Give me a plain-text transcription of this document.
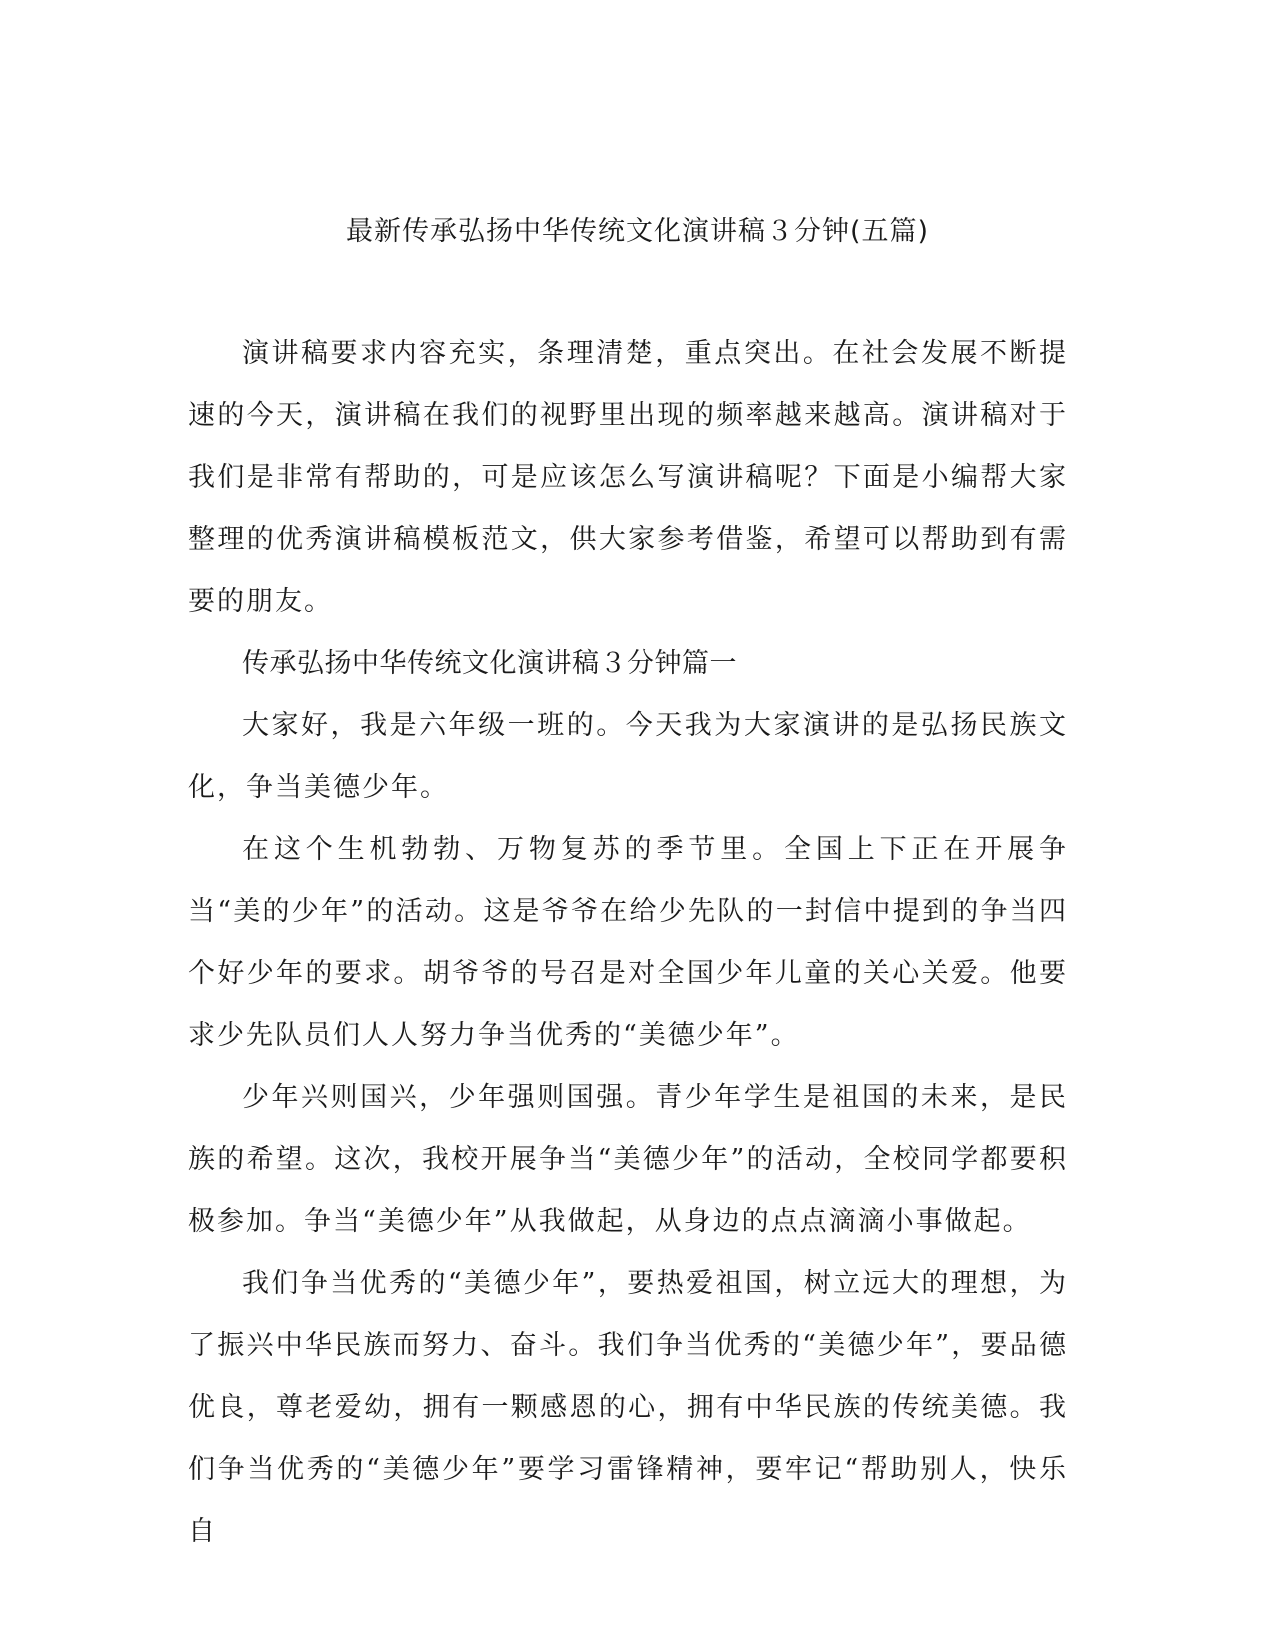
最新传承弘扬中华传统文化演讲稿３分钟(五篇)

演讲稿要求内容充实，条理清楚，重点突出。在社会发展不断提速的今天，演讲稿在我们的视野里出现的频率越来越高。演讲稿对于我们是非常有帮助的，可是应该怎么写演讲稿呢？下面是小编帮大家整理的优秀演讲稿模板范文，供大家参考借鉴，希望可以帮助到有需要的朋友。

传承弘扬中华传统文化演讲稿３分钟篇一

大家好，我是六年级一班的。今天我为大家演讲的是弘扬民族文化，争当美德少年。

在这个生机勃勃、万物复苏的季节里。全国上下正在开展争当“美的少年”的活动。这是爷爷在给少先队的一封信中提到的争当四个好少年的要求。胡爷爷的号召是对全国少年儿童的关心关爱。他要求少先队员们人人努力争当优秀的“美德少年”。

少年兴则国兴，少年强则国强。青少年学生是祖国的未来，是民族的希望。这次，我校开展争当“美德少年”的活动，全校同学都要积极参加。争当“美德少年”从我做起，从身边的点点滴滴小事做起。

我们争当优秀的“美德少年”，要热爱祖国，树立远大的理想，为了振兴中华民族而努力、奋斗。我们争当优秀的“美德少年”，要品德优良，尊老爱幼，拥有一颗感恩的心，拥有中华民族的传统美德。我们争当优秀的“美德少年”要学习雷锋精神，要牢记“帮助别人，快乐自
